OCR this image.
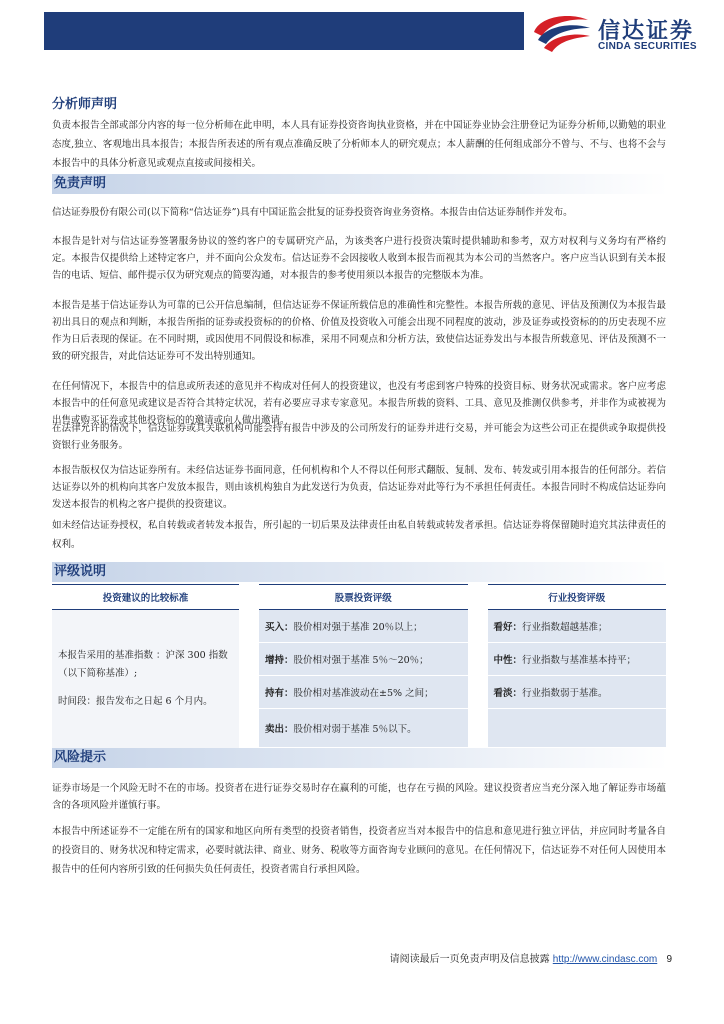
信达证券
CINDA SECURITIES
分析师声明

负责本报告全部或部分内容的每一位分析师在此申明，本人具有证券投资咨询执业资格，并在中国证券业协会注册登记为证券分析师,以勤勉的职业态度,独立、客观地出具本报告；本报告所表述的所有观点准确反映了分析师本人的研究观点；本人薪酬的任何组成部分不曾与、不与、也将不会与本报告中的具体分析意见或观点直接或间接相关。

免责声明

信达证券股份有限公司(以下简称“信达证券”)具有中国证监会批复的证券投资咨询业务资格。本报告由信达证券制作并发布。

本报告是针对与信达证券签署服务协议的签约客户的专属研究产品，为该类客户进行投资决策时提供辅助和参考，双方对权利与义务均有严格约定。本报告仅提供给上述特定客户，并不面向公众发布。信达证券不会因接收人收到本报告而视其为本公司的当然客户。客户应当认识到有关本报告的电话、短信、邮件提示仅为研究观点的简要沟通，对本报告的参考使用须以本报告的完整版本为准。

本报告是基于信达证券认为可靠的已公开信息编制，但信达证券不保证所载信息的准确性和完整性。本报告所载的意见、评估及预测仅为本报告最初出具日的观点和判断，本报告所指的证券或投资标的的价格、价值及投资收入可能会出现不同程度的波动，涉及证券或投资标的的历史表现不应作为日后表现的保证。在不同时期，或因使用不同假设和标准，采用不同观点和分析方法，致使信达证券发出与本报告所载意见、评估及预测不一致的研究报告，对此信达证券可不发出特别通知。

在任何情况下，本报告中的信息或所表述的意见并不构成对任何人的投资建议，也没有考虑到客户特殊的投资目标、财务状况或需求。客户应考虑本报告中的任何意见或建议是否符合其特定状况，若有必要应寻求专家意见。本报告所载的资料、工具、意见及推测仅供参考，并非作为或被视为出售或购买证券或其他投资标的的邀请或向人做出邀请。

在法律允许的情况下，信达证券或其关联机构可能会持有报告中涉及的公司所发行的证券并进行交易，并可能会为这些公司正在提供或争取提供投资银行业务服务。

本报告版权仅为信达证券所有。未经信达证券书面同意，任何机构和个人不得以任何形式翻版、复制、发布、转发或引用本报告的任何部分。若信达证券以外的机构向其客户发放本报告，则由该机构独自为此发送行为负责，信达证券对此等行为不承担任何责任。本报告同时不构成信达证券向发送本报告的机构之客户提供的投资建议。

如未经信达证券授权，私自转载或者转发本报告，所引起的一切后果及法律责任由私自转载或转发者承担。信达证券将保留随时追究其法律责任的权利。

评级说明
投资建议的比较标准		股票投资评级		行业投资评级

本报告采用的基准指数 ：沪深 300 指数（以下简称基准）;
时间段：报告发布之日起 6 个月内。		买入：股价相对强于基准 20％以上；		看好：行业指数超越基准；
		增持：股价相对强于基准 5％～20％；		中性：行业指数与基准基本持平；
		持有：股价相对基准波动在±5% 之间；		看淡：行业指数弱于基准。
		卖出：股价相对弱于基准 5％以下。		
风险提示

证券市场是一个风险无时不在的市场。投资者在进行证券交易时存在赢利的可能，也存在亏损的风险。建议投资者应当充分深入地了解证券市场蕴含的各项风险并谨慎行事。

本报告中所述证券不一定能在所有的国家和地区向所有类型的投资者销售，投资者应当对本报告中的信息和意见进行独立评估，并应同时考量各自的投资目的、财务状况和特定需求，必要时就法律、商业、财务、税收等方面咨询专业顾问的意见。在任何情况下，信达证券不对任何人因使用本报告中的任何内容所引致的任何损失负任何责任，投资者需自行承担风险。

请阅读最后一页免责声明及信息披露 http://www.cindasc.com 9
